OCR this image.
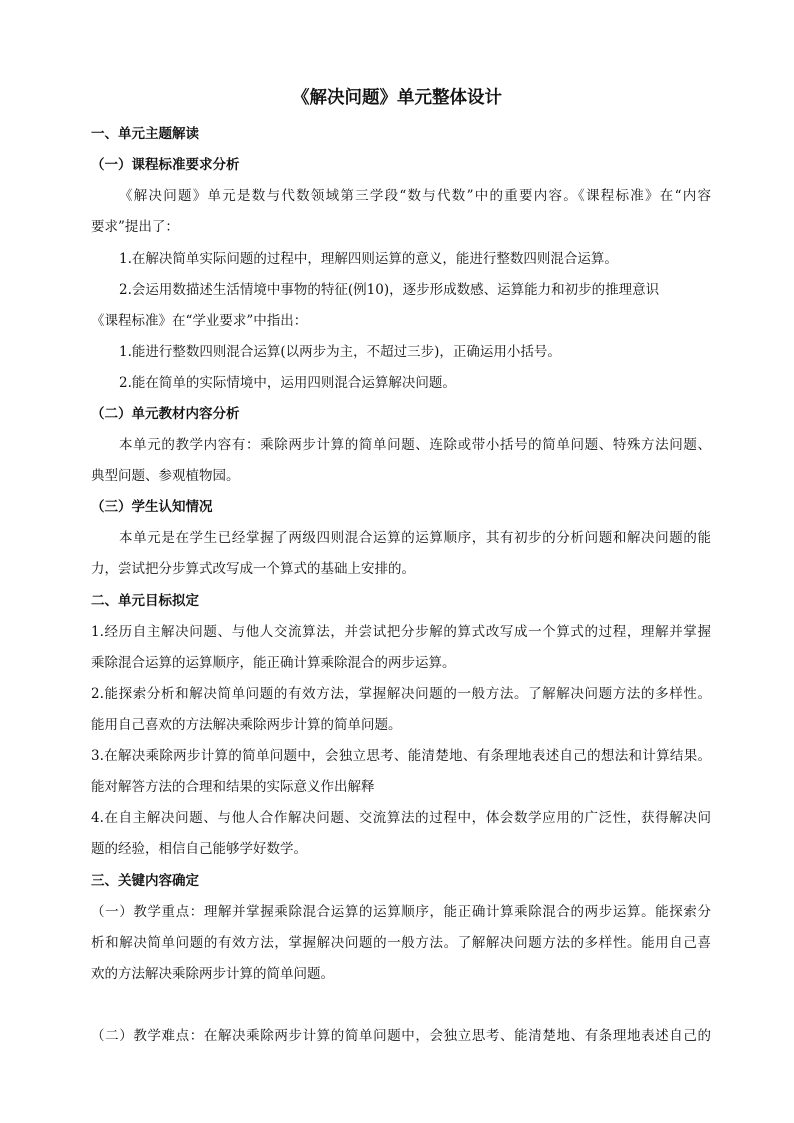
《解决问题》单元整体设计
一、单元主题解读
（一）课程标准要求分析
《解决问题》单元是数与代数领域第三学段“数与代数”中的重要内容。《课程标准》在“内容
要求”提出了：
1.在解决简单实际问题的过程中，理解四则运算的意义，能进行整数四则混合运算。
2.会运用数描述生活情境中事物的特征(例10)，逐步形成数感、运算能力和初步的推理意识
《课程标准》在“学业要求”中指出：
1.能进行整数四则混合运算(以两步为主，不超过三步)，正确运用小括号。
2.能在简单的实际情境中，运用四则混合运算解决问题。
（二）单元教材内容分析
本单元的教学内容有：乘除两步计算的简单问题、连除或带小括号的简单问题、特殊方法问题、
典型问题、参观植物园。
（三）学生认知情况
本单元是在学生已经掌握了两级四则混合运算的运算顺序，其有初步的分析问题和解决问题的能
力，尝试把分步算式改写成一个算式的基础上安排的。
二、单元目标拟定
1.经历自主解决问题、与他人交流算法，并尝试把分步解的算式改写成一个算式的过程，理解并掌握
乘除混合运算的运算顺序，能正确计算乘除混合的两步运算。
2.能探索分析和解决简单问题的有效方法，掌握解决问题的一般方法。了解解决问题方法的多样性。
能用自己喜欢的方法解决乘除两步计算的简单问题。
3.在解决乘除两步计算的简单问题中，会独立思考、能清楚地、有条理地表述自己的想法和计算结果。
能对解答方法的合理和结果的实际意义作出解释
4.在自主解决问题、与他人合作解决问题、交流算法的过程中，体会数学应用的广泛性，获得解决问
题的经验，相信自己能够学好数学。
三、关键内容确定
（一）教学重点：理解并掌握乘除混合运算的运算顺序，能正确计算乘除混合的两步运算。能探索分
析和解决简单问题的有效方法，掌握解决问题的一般方法。了解解决问题方法的多样性。能用自己喜
欢的方法解决乘除两步计算的简单问题。
（二）教学难点：在解决乘除两步计算的简单问题中，会独立思考、能清楚地、有条理地表述自己的
